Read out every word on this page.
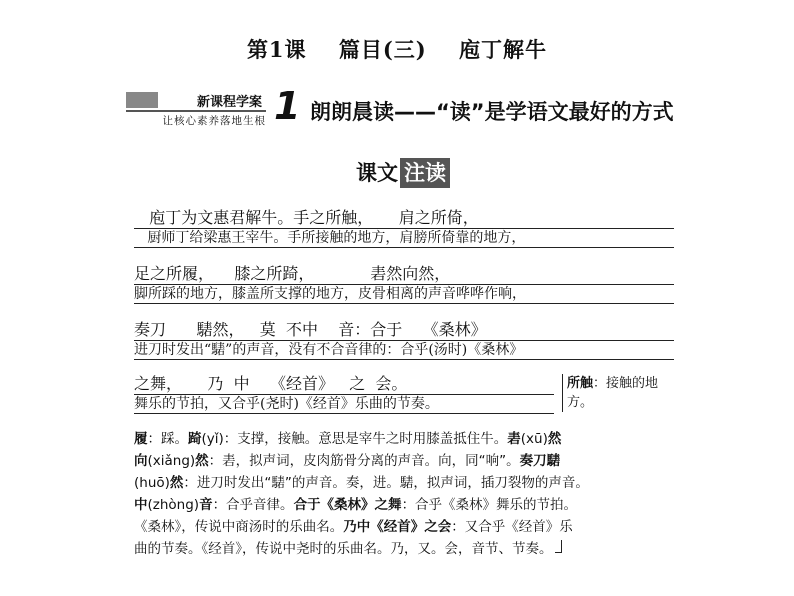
第1课 篇目(三) 庖丁解牛
新课程学案
让核心素养落地生根 1 朗朗晨读——“读”是学语文最好的方式
课文 注读
庖丁为文惠君解牛。手之所触，     肩之所倚，
厨师丁给梁惠王宰牛。手所接触的地方，肩膀所倚靠的地方，
足之所履，    膝之所踦，           砉然向然，
脚所踩的地方，膝盖所支撑的地方，皮骨相离的声音哗哗作响，
奏刀      騞然，   莫  不中    音：合于    《桑林》
进刀时发出“騞”的声音，没有不合音律的：合乎(汤时)《桑林》
之舞，     乃  中    《经首》   之  会。
舞乐的节拍，又合乎(尧时)《经首》乐曲的节奏。
所触：接触的地方。
履：踩。踦(yǐ)：支撑，接触。意思是宰牛之时用膝盖抵住牛。砉(xū)然
向(xiǎng)然：砉，拟声词，皮肉筋骨分离的声音。向，同“响”。奏刀騞
(huō)然：进刀时发出“騞”的声音。奏，进。騞，拟声词，插刀裂物的声音。
中(zhòng)音：合乎音律。合于《桑林》之舞：合乎《桑林》舞乐的节拍。
《桑林》，传说中商汤时的乐曲名。乃中《经首》之会：又合乎《经首》乐
曲的节奏。《经首》，传说中尧时的乐曲名。乃，又。会，音节、节奏。
